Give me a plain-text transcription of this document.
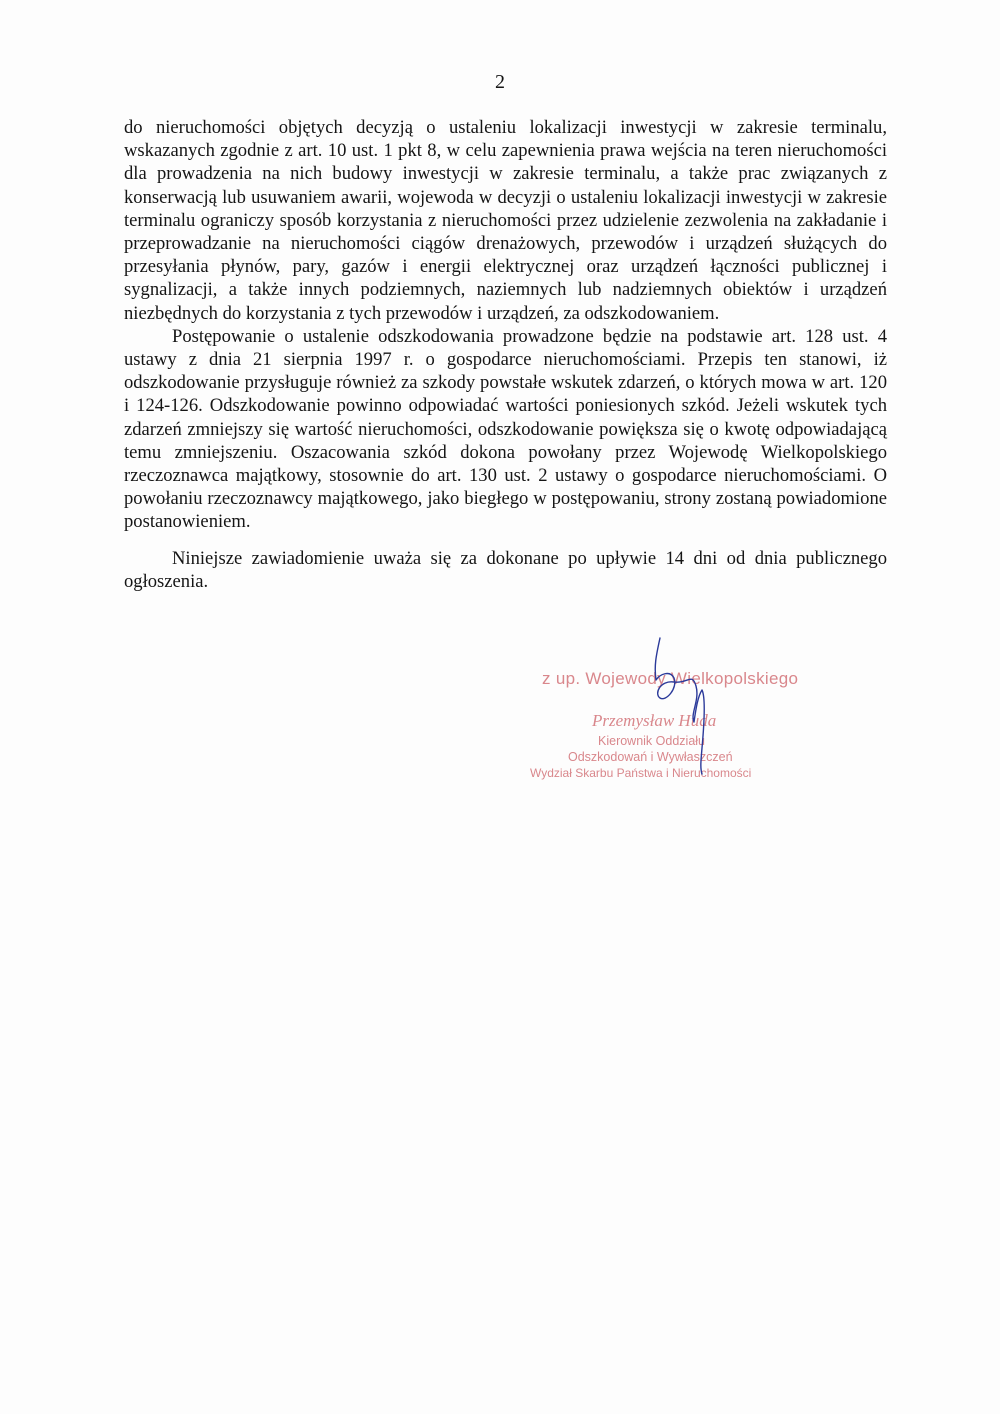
2

do nieruchomości objętych decyzją o ustaleniu lokalizacji inwestycji w zakresie terminalu, wskazanych zgodnie z art. 10 ust. 1 pkt 8, w celu zapewnienia prawa wejścia na teren nieruchomości dla prowadzenia na nich budowy inwestycji w zakresie terminalu, a także prac związanych z konserwacją lub usuwaniem awarii, wojewoda w decyzji o ustaleniu lokalizacji inwestycji w zakresie terminalu ograniczy sposób korzystania z nieruchomości przez udzielenie zezwolenia na zakładanie i przeprowadzanie na nieruchomości ciągów drenażowych, przewodów i urządzeń służących do przesyłania płynów, pary, gazów i energii elektrycznej oraz urządzeń łączności publicznej i sygnalizacji, a także innych podziemnych, naziemnych lub nadziemnych obiektów i urządzeń niezbędnych do korzystania z tych przewodów i urządzeń, za odszkodowaniem.

Postępowanie o ustalenie odszkodowania prowadzone będzie na podstawie art. 128 ust. 4 ustawy z dnia 21 sierpnia 1997 r. o gospodarce nieruchomościami. Przepis ten stanowi, iż odszkodowanie przysługuje również za szkody powstałe wskutek zdarzeń, o których mowa w art. 120 i 124-126. Odszkodowanie powinno odpowiadać wartości poniesionych szkód. Jeżeli wskutek tych zdarzeń zmniejszy się wartość nieruchomości, odszkodowanie powiększa się o kwotę odpowiadającą temu zmniejszeniu. Oszacowania szkód dokona powołany przez Wojewodę Wielkopolskiego rzeczoznawca majątkowy, stosownie do art. 130 ust. 2 ustawy o gospodarce nieruchomościami. O powołaniu rzeczoznawcy majątkowego, jako biegłego w postępowaniu, strony zostaną powiadomione postanowieniem.

Niniejsze zawiadomienie uważa się za dokonane po upływie 14 dni od dnia publicznego ogłoszenia.

z up. Wojewody Wielkopolskiego
Przemysław Huda
Kierownik Oddziału
Odszkodowań i Wywłaszczeń
Wydział Skarbu Państwa i Nieruchomości
